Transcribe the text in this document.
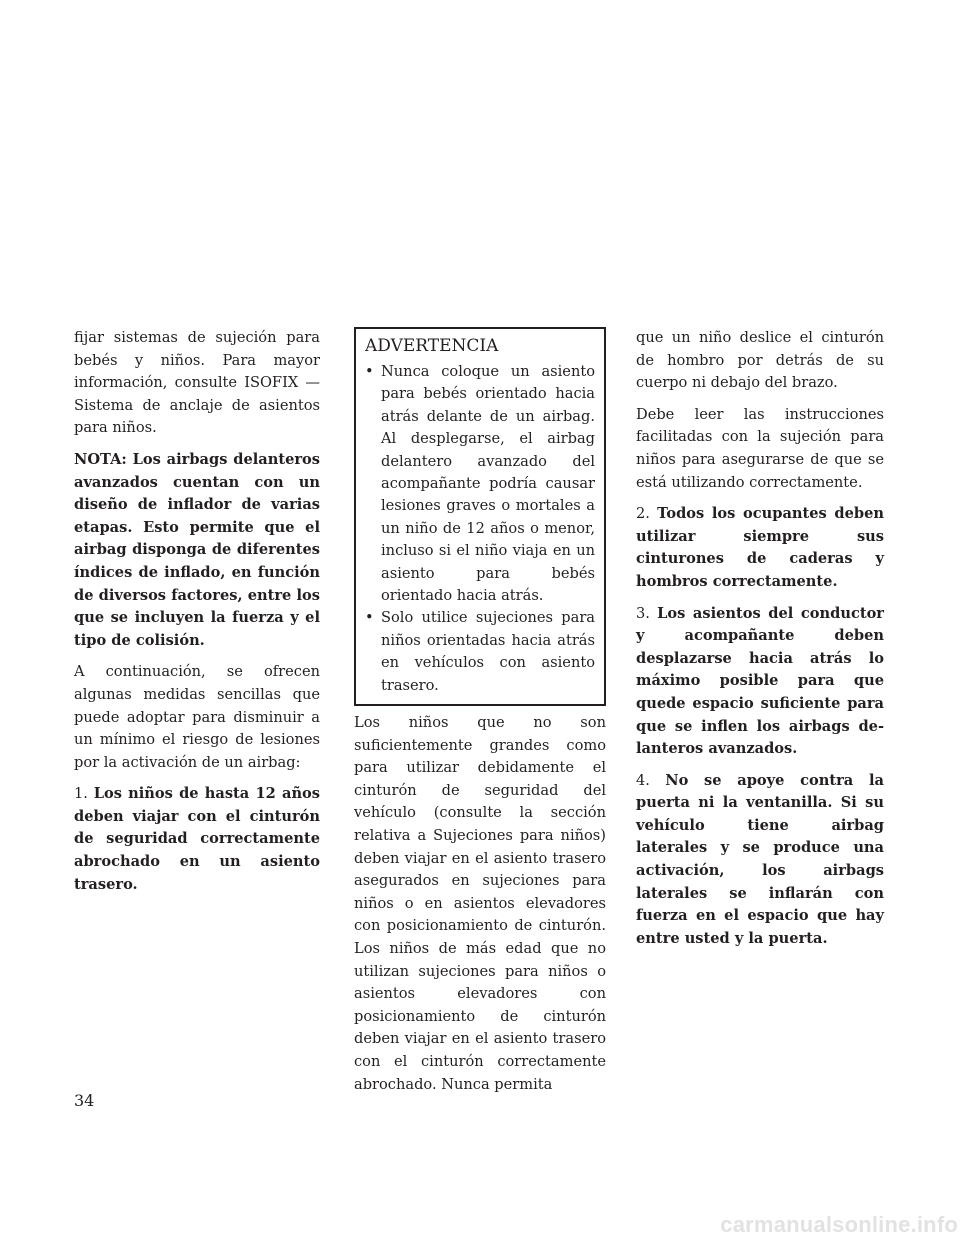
fijar sistemas de sujeción para bebés y niños. Para mayor información, consulte ISOFIX — Sistema de anclaje de asientos para niños.

NOTA: Los airbags delanteros avanzados cuentan con un diseño de inflador de varias etapas. Esto permite que el airbag disponga de diferentes índices de inflado, en función de diversos factores, entre los que se incluyen la fuerza y el tipo de colisión.

A continuación, se ofrecen algunas medidas sencillas que puede adoptar para disminuir a un mínimo el riesgo de lesiones por la activación de un airbag:

1. Los niños de hasta 12 años deben viajar con el cinturón de seguridad correctamente abrochado en un asiento trasero.

ADVERTENCIA
• Nunca coloque un asiento para bebés orientado hacia atrás delante de un airbag. Al desplegarse, el airbag delantero avanzado del acompañante podría causar lesiones graves o mortales a un niño de 12 años o menor, incluso si el niño viaja en un asiento para bebés orientado hacia atrás.
• Solo utilice sujeciones para niños orientadas hacia atrás en vehículos con asiento trasero.

Los niños que no son suficientemente grandes como para utilizar debidamente el cinturón de seguridad del vehículo (consulte la sección relativa a Sujeciones para niños) deben viajar en el asiento trasero asegurados en sujeciones para niños o en asientos elevadores con posicionamiento de cinturón. Los niños de más edad que no utilizan sujeciones para niños o asientos elevadores con posicionamiento de cinturón deben viajar en el asiento trasero con el cinturón correctamente abrochado. Nunca permita

que un niño deslice el cinturón de hombro por detrás de su cuerpo ni debajo del brazo.

Debe leer las instrucciones facilitadas con la sujeción para niños para asegurarse de que se está utilizando correctamente.

2. Todos los ocupantes deben utilizar siempre sus cinturones de caderas y hombros correctamente.

3. Los asientos del conductor y acompañante deben desplazarse hacia atrás lo máximo posible para que quede espacio suficiente para que se inflen los airbags delanteros avanzados.

4. No se apoye contra la puerta ni la ventanilla. Si su vehículo tiene airbag laterales y se produce una activación, los airbags laterales se inflarán con fuerza en el espacio que hay entre usted y la puerta.

34
carmanualsonline.info
